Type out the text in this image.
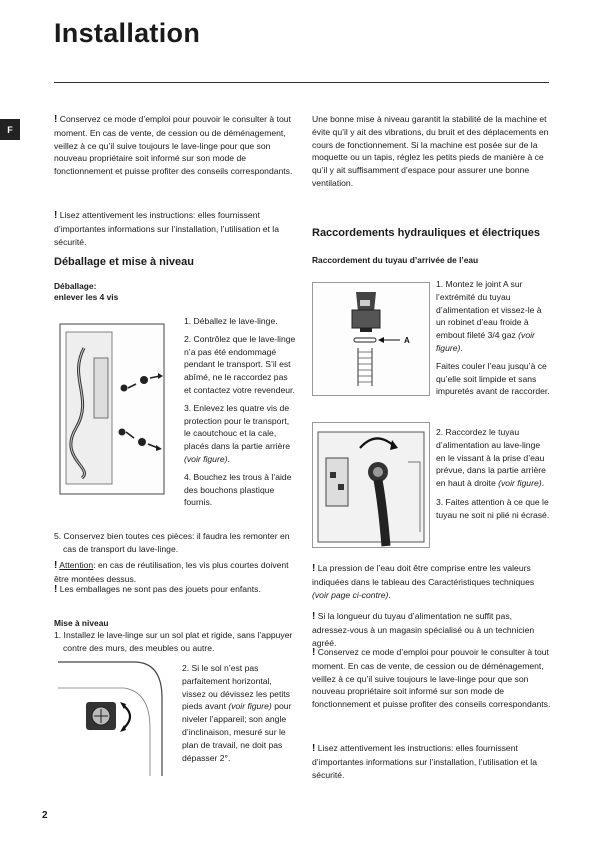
Installation
F

! Conservez ce mode d’emploi pour pouvoir le consulter à tout moment. En cas de vente, de cession ou de déménagement, veillez à ce qu’il suive toujours le lave-linge pour que son nouveau propriétaire soit informé sur son mode de fonctionnement et puisse profiter des conseils correspondants.

! Lisez attentivement les instructions: elles fournissent d’importantes informations sur l’installation, l’utilisation et la sécurité.

Déballage et mise à niveau
Déballage:
enlever les 4 vis

1. Déballez le lave-linge.

2. Contrôlez que le lave-linge n’a pas été endommagé pendant le transport. S’il est abîmé, ne le raccordez pas et contactez votre revendeur.

3. Enlevez les quatre vis de protection pour le transport, le caoutchouc et la cale, placés dans la partie arrière (voir figure).

4. Bouchez les trous à l’aide des bouchons plastique fournis.

5. Conservez bien toutes ces pièces: il faudra les remonter en cas de transport du lave-linge.

! Attention: en cas de réutilisation, les vis plus courtes doivent être montées dessus.

! Les emballages ne sont pas des jouets pour enfants.

Mise à niveau

1. Installez le lave-linge sur un sol plat et rigide, sans l’appuyer contre des murs, des meubles ou autre.

2. Si le sol n’est pas parfaitement horizontal, vissez ou dévissez les petits pieds avant (voir figure) pour niveler l’appareil; son angle d’inclinaison, mesuré sur le plan de travail, ne doit pas dépasser 2°.

Une bonne mise à niveau garantit la stabilité de la machine et évite qu’il y ait des vibrations, du bruit et des déplacements en cours de fonctionnement. Si la machine est posée sur de la moquette ou un tapis, réglez les petits pieds de manière à ce qu’il y ait suffisamment d’espace pour assurer une bonne ventilation.

Raccordements hydrauliques et électriques
Raccordement du tuyau d’arrivée de l’eau
A

1. Montez le joint A sur l’extrémité du tuyau d’alimentation et vissez-le à un robinet d’eau froide à embout fileté 3/4 gaz (voir figure).

Faites couler l’eau jusqu’à ce qu’elle soit limpide et sans impuretés avant de raccorder.

2. Raccordez le tuyau d’alimentation au lave-linge en le vissant à la prise d’eau prévue, dans la partie arrière en haut à droite (voir figure).

3. Faites attention à ce que le tuyau ne soit ni plié ni écrasé.

! La pression de l’eau doit être comprise entre les valeurs indiquées dans le tableau des Caractéristiques techniques (voir page ci-contre).

! Si la longueur du tuyau d’alimentation ne suffit pas, adressez-vous à un magasin spécialisé ou à un technicien agréé.

! Conservez ce mode d’emploi pour pouvoir le consulter à tout moment. En cas de vente, de cession ou de déménagement, veillez à ce qu’il suive toujours le lave-linge pour que son nouveau propriétaire soit informé sur son mode de fonctionnement et puisse profiter des conseils correspondants.

! Lisez attentivement les instructions: elles fournissent d’importantes informations sur l’installation, l’utilisation et la sécurité.

2
